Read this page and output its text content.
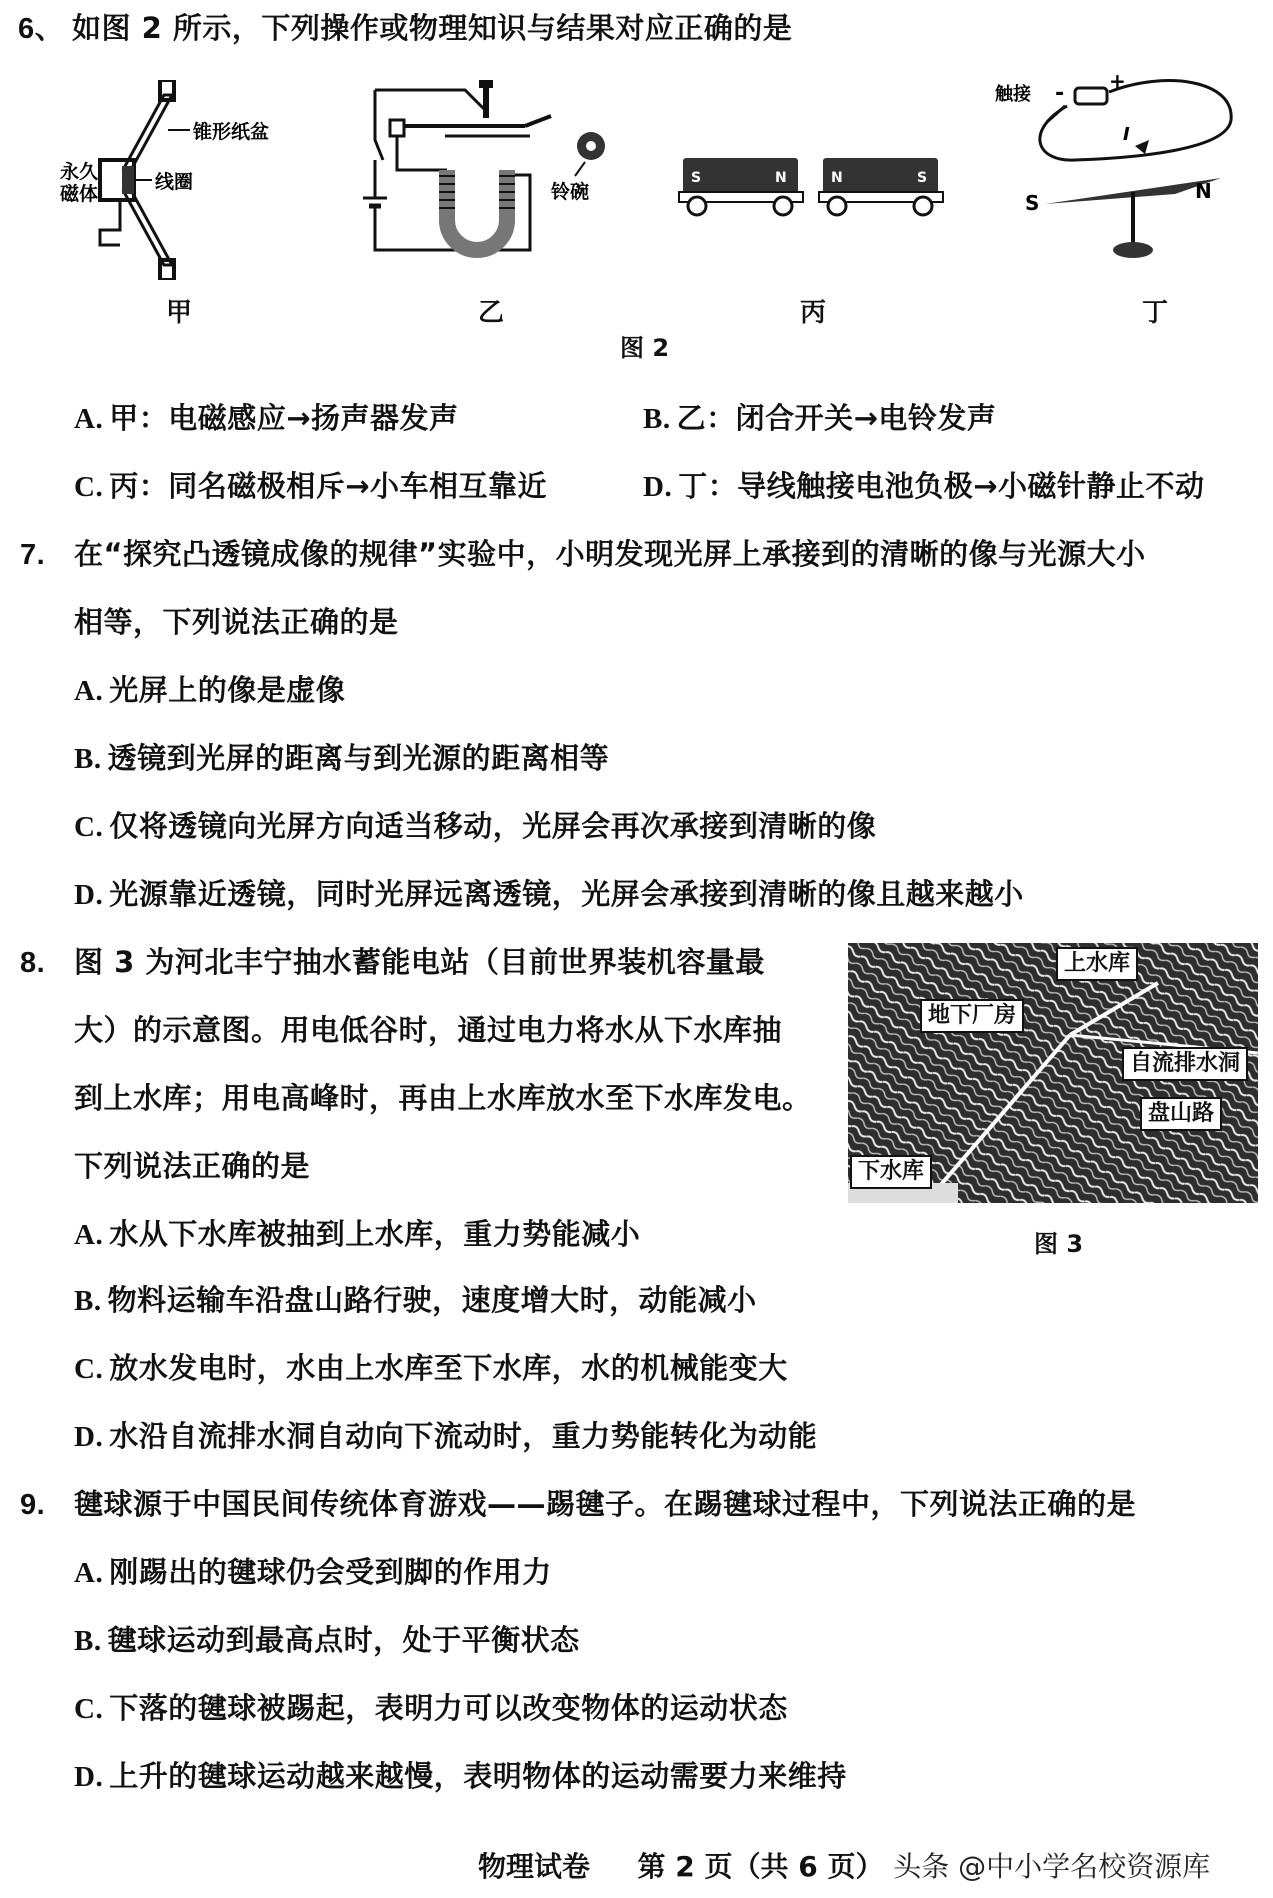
6、 如图 2 所示，下列操作或物理知识与结果对应正确的是
锥形纸盆
永久
磁体
线圈	铃碗
S	N	N	S
触接 - +
I
S	N
甲	乙	丙	丁
图 2
A. 甲：电磁感应→扬声器发声	B. 乙：闭合开关→电铃发声
C. 丙：同名磁极相斥→小车相互靠近	D. 丁：导线触接电池负极→小磁针静止不动
7. 在“探究凸透镜成像的规律”实验中，小明发现光屏上承接到的清晰的像与光源大小
相等，下列说法正确的是
A. 光屏上的像是虚像
B. 透镜到光屏的距离与到光源的距离相等
C. 仅将透镜向光屏方向适当移动，光屏会再次承接到清晰的像
D. 光源靠近透镜，同时光屏远离透镜，光屏会承接到清晰的像且越来越小
8. 图 3 为河北丰宁抽水蓄能电站（目前世界装机容量最
大）的示意图。用电低谷时，通过电力将水从下水库抽
到上水库；用电高峰时，再由上水库放水至下水库发电。
下列说法正确的是
上水库
地下厂房
自流排水洞
盘山路
下水库
图 3
A. 水从下水库被抽到上水库，重力势能减小
B. 物料运输车沿盘山路行驶，速度增大时，动能减小
C. 放水发电时，水由上水库至下水库，水的机械能变大
D. 水沿自流排水洞自动向下流动时，重力势能转化为动能
9. 毽球源于中国民间传统体育游戏——踢毽子。在踢毽球过程中，下列说法正确的是
A. 刚踢出的毽球仍会受到脚的作用力
B. 毽球运动到最高点时，处于平衡状态
C. 下落的毽球被踢起，表明力可以改变物体的运动状态
D. 上升的毽球运动越来越慢，表明物体的运动需要力来维持
物理试卷 第 2 页（共 6 页） 头条 @中小学名校资源库
